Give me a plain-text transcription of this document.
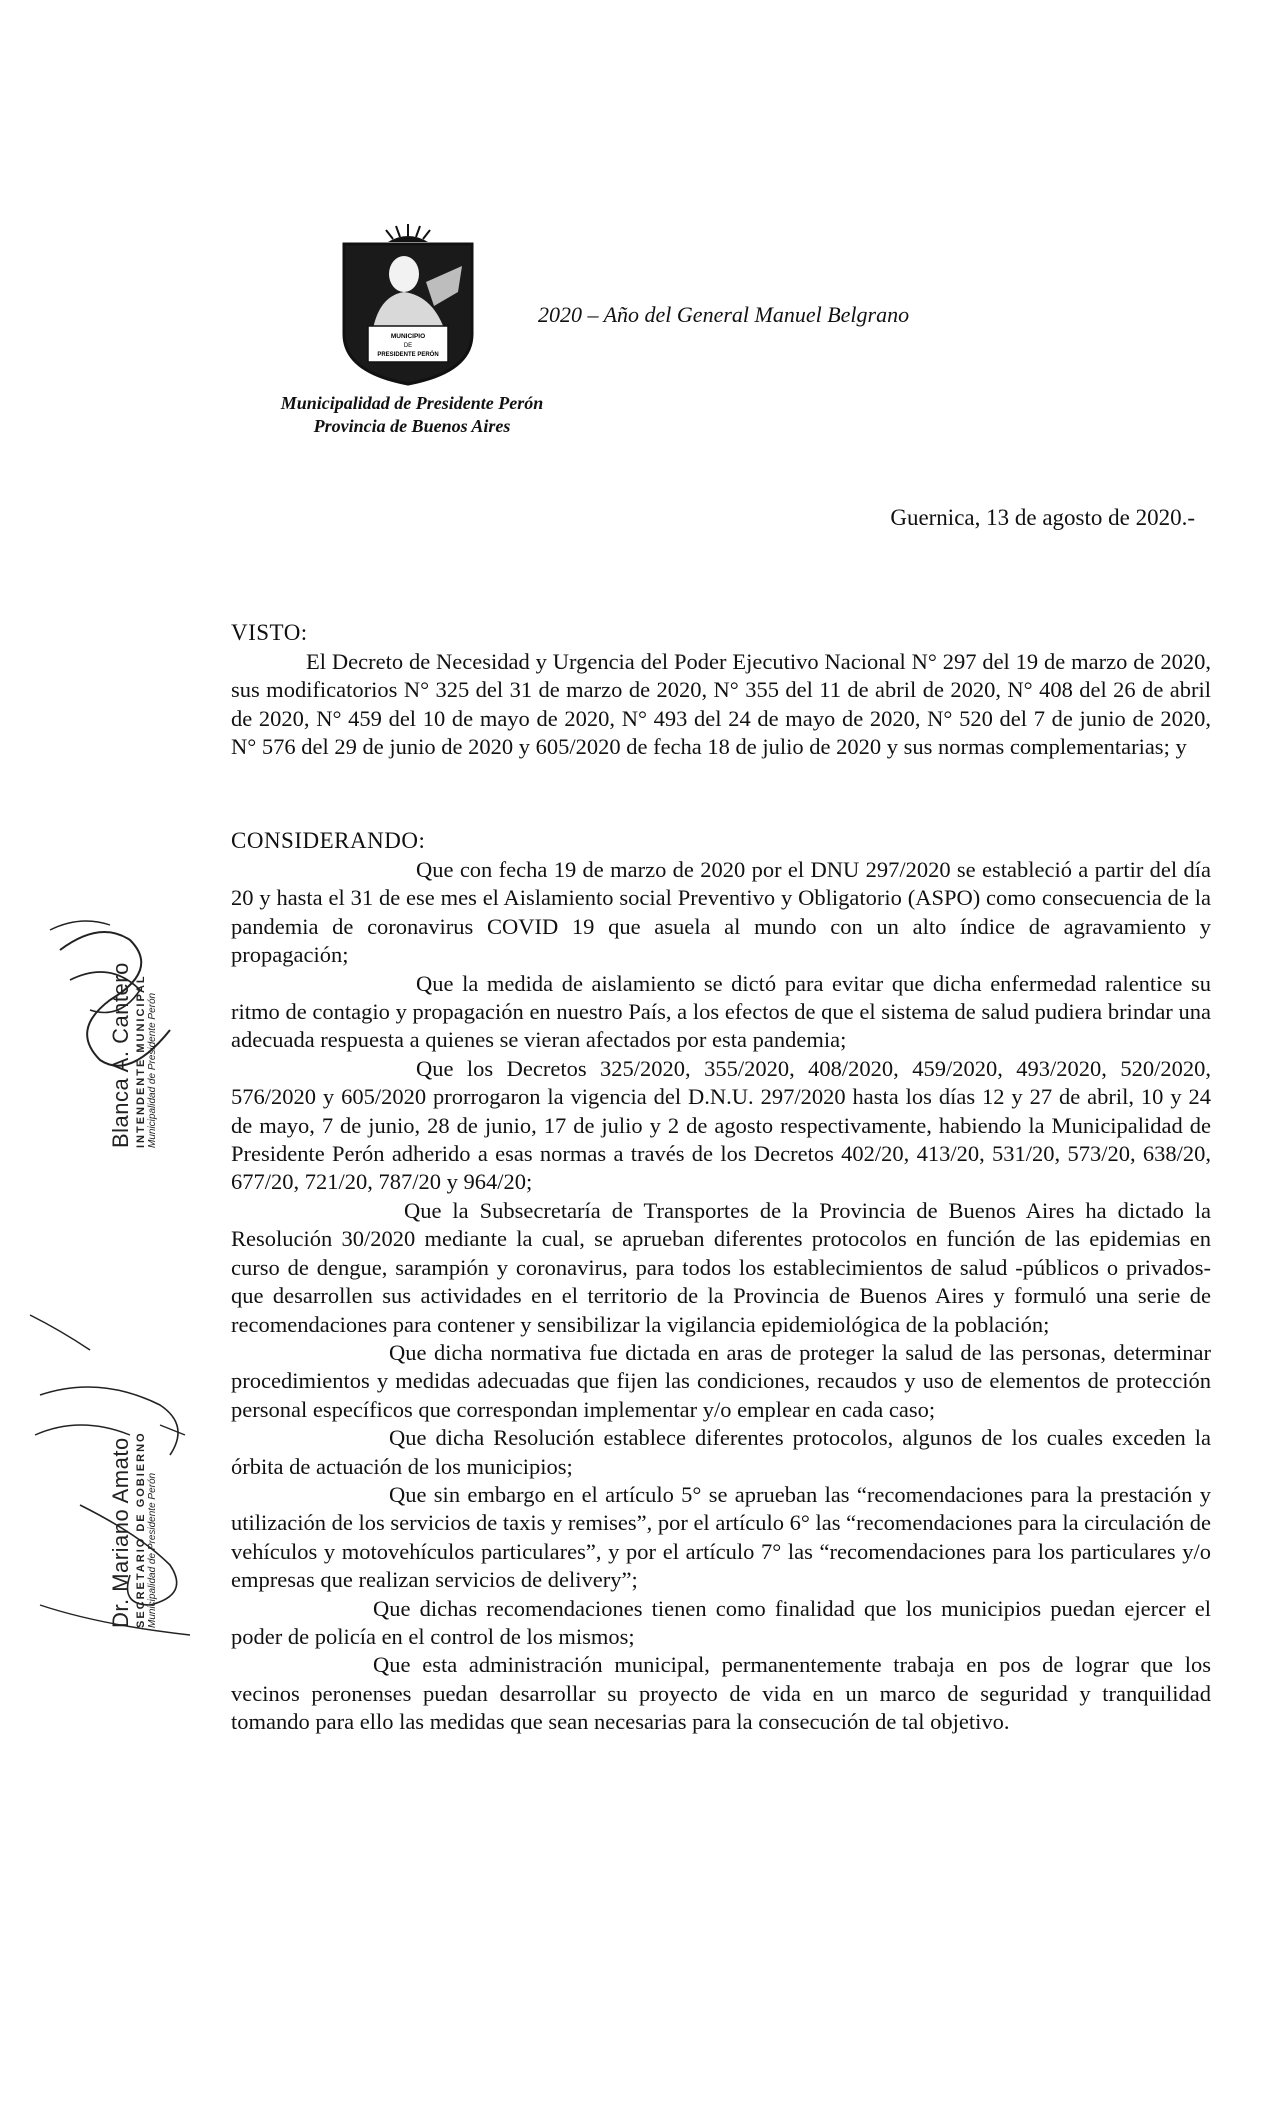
MUNICIPIO
DE
PRESIDENTE PERÓN
2020 – Año del General Manuel Belgrano
Municipalidad de Presidente Perón
Provincia de Buenos Aires
Guernica, 13 de agosto de 2020.-
VISTO:

El Decreto de Necesidad y Urgencia del Poder Ejecutivo Nacional N° 297 del 19 de marzo de 2020, sus modificatorios N° 325 del 31 de marzo de 2020, N° 355 del 11 de abril de 2020, N° 408 del 26 de abril de 2020, N° 459 del 10 de mayo de 2020, N° 493 del 24 de mayo de 2020, N° 520 del 7 de junio de 2020, N° 576 del 29 de junio de 2020 y 605/2020 de fecha 18 de julio de 2020 y sus normas complementarias; y

CONSIDERANDO:

Que con fecha 19 de marzo de 2020 por el DNU 297/2020 se estableció a partir del día 20 y hasta el 31 de ese mes el Aislamiento social Preventivo y Obligatorio (ASPO) como consecuencia de la pandemia de coronavirus COVID 19 que asuela al mundo con un alto índice de agravamiento y propagación;

Que la medida de aislamiento se dictó para evitar que dicha enfermedad ralentice su ritmo de contagio y propagación en nuestro País, a los efectos de que el sistema de salud pudiera brindar una adecuada respuesta a quienes se vieran afectados por esta pandemia;

Que los Decretos 325/2020, 355/2020, 408/2020, 459/2020, 493/2020, 520/2020, 576/2020 y 605/2020 prorrogaron la vigencia del D.N.U. 297/2020 hasta los días 12 y 27 de abril, 10 y 24 de mayo, 7 de junio, 28 de junio, 17 de julio y 2 de agosto respectivamente, habiendo la Municipalidad de Presidente Perón adherido a esas normas a través de los Decretos 402/20, 413/20, 531/20, 573/20, 638/20, 677/20, 721/20, 787/20 y 964/20;

Que la Subsecretaría de Transportes de la Provincia de Buenos Aires ha dictado la Resolución 30/2020 mediante la cual, se aprueban diferentes protocolos en función de las epidemias en curso de dengue, sarampión y coronavirus, para todos los establecimientos de salud -públicos o privados- que desarrollen sus actividades en el territorio de la Provincia de Buenos Aires y formuló una serie de recomendaciones para contener y sensibilizar la vigilancia epidemiológica de la población;

Que dicha normativa fue dictada en aras de proteger la salud de las personas, determinar procedimientos y medidas adecuadas que fijen las condiciones, recaudos y uso de elementos de protección personal específicos que correspondan implementar y/o emplear en cada caso;

Que dicha Resolución establece diferentes protocolos, algunos de los cuales exceden la órbita de actuación de los municipios;

Que sin embargo en el artículo 5° se aprueban las “recomendaciones para la prestación y utilización de los servicios de taxis y remises”, por el artículo 6° las “recomendaciones para la circulación de vehículos y motovehículos particulares”, y por el artículo 7° las “recomendaciones para los particulares y/o empresas que realizan servicios de delivery”;

Que dichas recomendaciones tienen como finalidad que los municipios puedan ejercer el poder de policía en el control de los mismos;

Que esta administración municipal, permanentemente trabaja en pos de lograr que los vecinos peronenses puedan desarrollar su proyecto de vida en un marco de seguridad y tranquilidad tomando para ello las medidas que sean necesarias para la consecución de tal objetivo.

Blanca A. Cantero INTENDENTE MUNICIPAL Municipalidad de Presidente Perón
Dr. Mariano Amato SECRETARIO DE GOBIERNO Municipalidad de Presidente Perón
